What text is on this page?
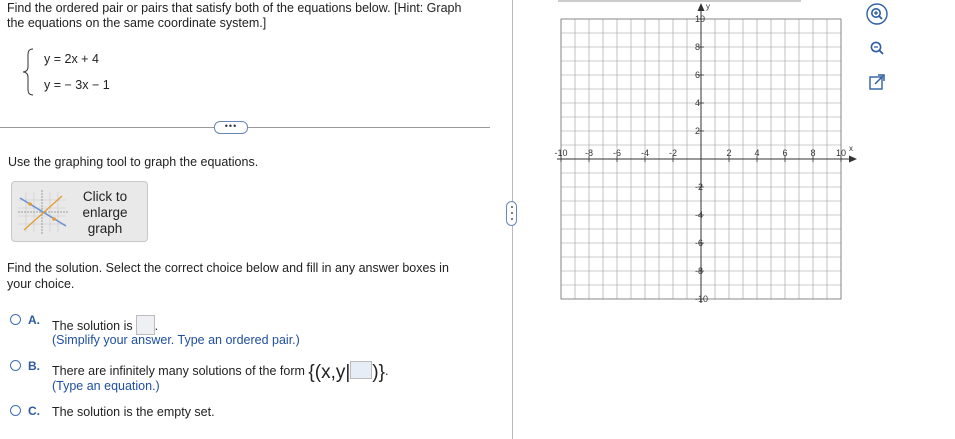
Find the ordered pair or pairs that satisfy both of the equations below. [Hint: Graph
the equations on the same coordinate system.]
y = 2x + 4
y = − 3x − 1
•••
Use the graphing tool to graph the equations.
Click to
enlarge
graph
Find the solution. Select the correct choice below and fill in any answer boxes in
your choice.
A. The solution is .
(Simplify your answer. Type an ordered pair.)
B. There are infinitely many solutions of the form {(x,y| )}.
(Type an equation.)
C. The solution is the empty set.
x
y
-10 -8 -6 -4 -2	2	4	6	8 10
10
8
6
4
2
-2
-4
-6
-8
-10
